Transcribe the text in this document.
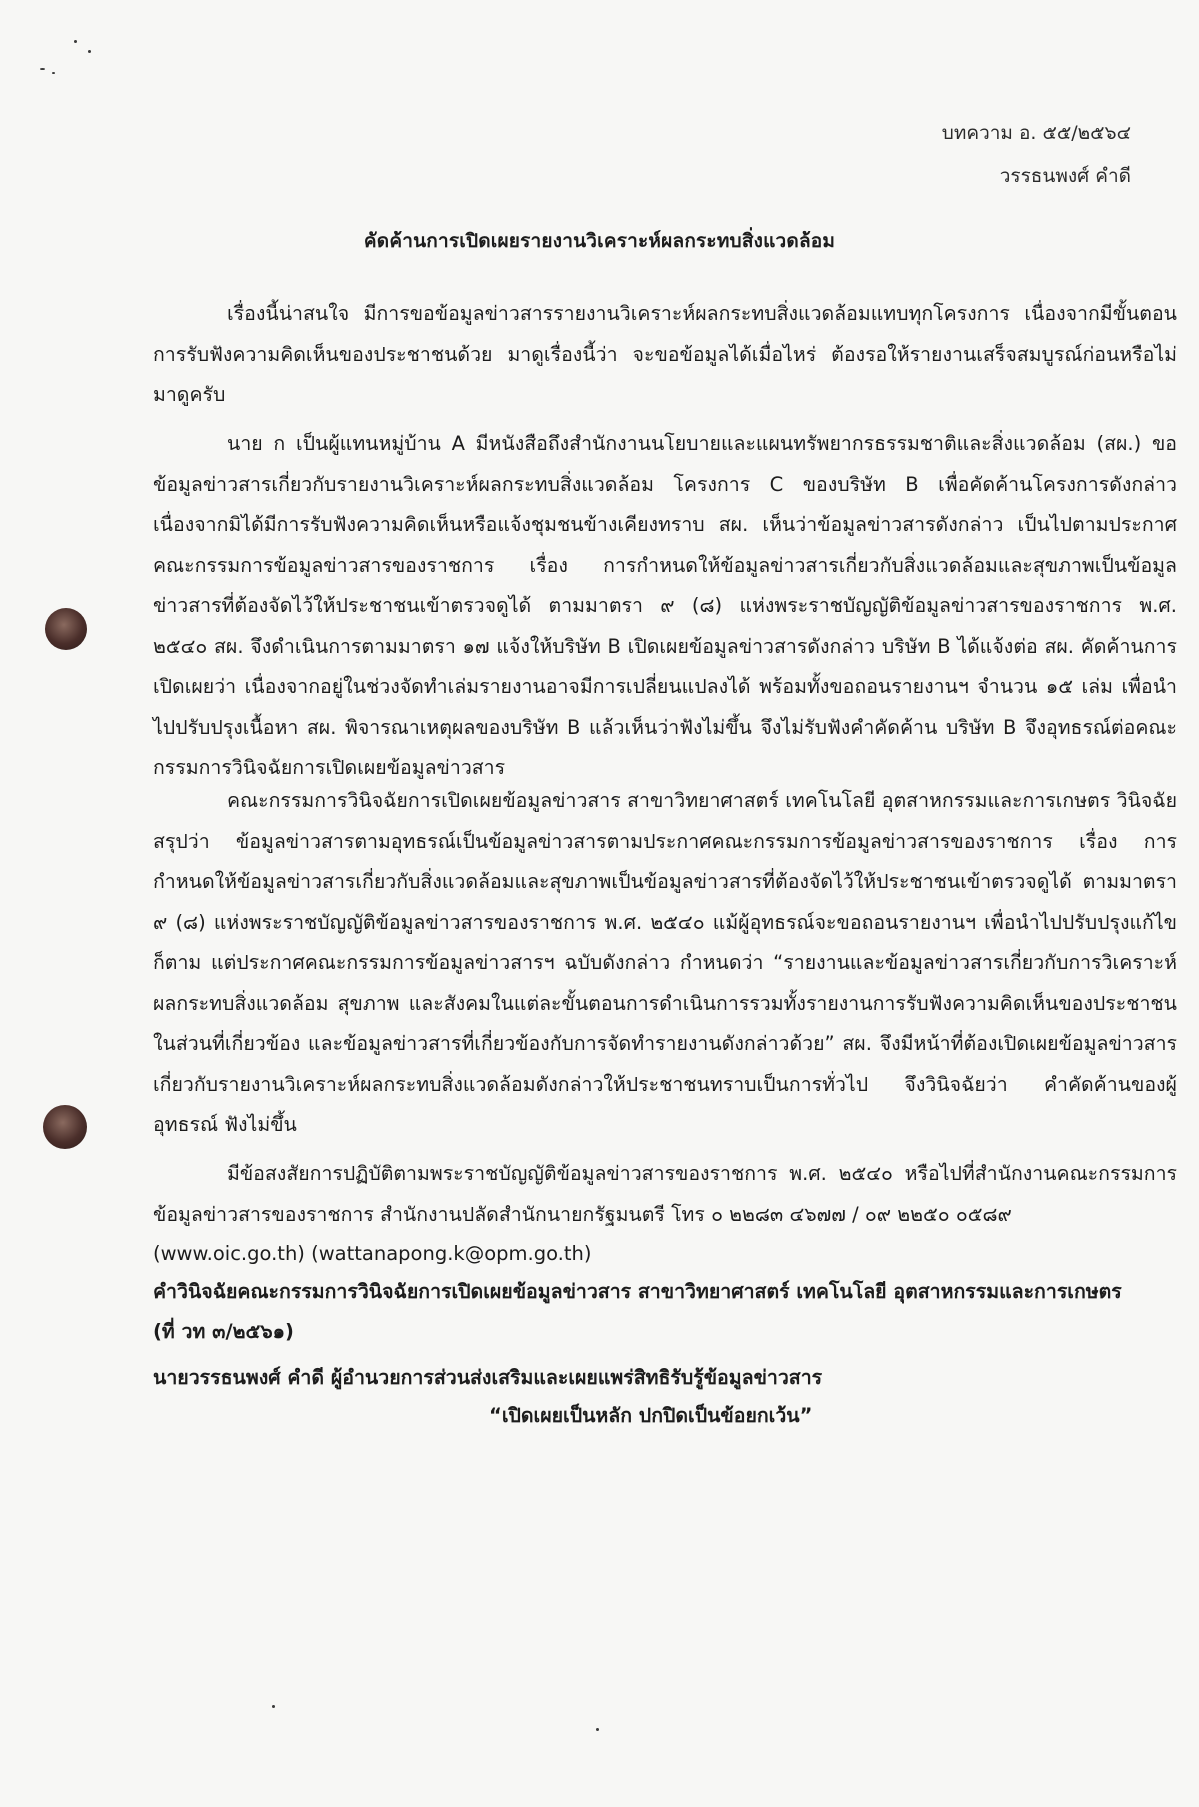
บทความ อ. ๕๕/๒๕๖๔
วรรธนพงศ์ คำดี
คัดค้านการเปิดเผยรายงานวิเคราะห์ผลกระทบสิ่งแวดล้อม

เรื่องนี้น่าสนใจ มีการขอข้อมูลข่าวสารรายงานวิเคราะห์ผลกระทบสิ่งแวดล้อมแทบทุกโครงการ เนื่องจากมีขั้นตอนการรับฟังความคิดเห็นของประชาชนด้วย มาดูเรื่องนี้ว่า จะขอข้อมูลได้เมื่อไหร่ ต้องรอให้รายงานเสร็จสมบูรณ์ก่อนหรือไม่ มาดูครับ

นาย ก เป็นผู้แทนหมู่บ้าน A มีหนังสือถึงสำนักงานนโยบายและแผนทรัพยากรธรรมชาติและสิ่งแวดล้อม (สผ.) ขอข้อมูลข่าวสารเกี่ยวกับรายงานวิเคราะห์ผลกระทบสิ่งแวดล้อม โครงการ C ของบริษัท B เพื่อคัดค้านโครงการดังกล่าว เนื่องจากมิได้มีการรับฟังความคิดเห็นหรือแจ้งชุมชนข้างเคียงทราบ สผ. เห็นว่าข้อมูลข่าวสารดังกล่าว เป็นไปตามประกาศคณะกรรมการข้อมูลข่าวสารของราชการ เรื่อง การกำหนดให้ข้อมูลข่าวสารเกี่ยวกับสิ่งแวดล้อมและสุขภาพเป็นข้อมูลข่าวสารที่ต้องจัดไว้ให้ประชาชนเข้าตรวจดูได้ ตามมาตรา ๙ (๘) แห่งพระราชบัญญัติข้อมูลข่าวสารของราชการ พ.ศ. ๒๕๔๐ สผ. จึงดำเนินการตามมาตรา ๑๗ แจ้งให้บริษัท B เปิดเผยข้อมูลข่าวสารดังกล่าว บริษัท B ได้แจ้งต่อ สผ. คัดค้านการเปิดเผยว่า เนื่องจากอยู่ในช่วงจัดทำเล่มรายงานอาจมีการเปลี่ยนแปลงได้ พร้อมทั้งขอถอนรายงานฯ จำนวน ๑๕ เล่ม เพื่อนำไปปรับปรุงเนื้อหา สผ. พิจารณาเหตุผลของบริษัท B แล้วเห็นว่าฟังไม่ขึ้น จึงไม่รับฟังคำคัดค้าน บริษัท B จึงอุทธรณ์ต่อคณะกรรมการวินิจฉัยการเปิดเผยข้อมูลข่าวสาร

คณะกรรมการวินิจฉัยการเปิดเผยข้อมูลข่าวสาร สาขาวิทยาศาสตร์ เทคโนโลยี อุตสาหกรรมและการเกษตร วินิจฉัยสรุปว่า ข้อมูลข่าวสารตามอุทธรณ์เป็นข้อมูลข่าวสารตามประกาศคณะกรรมการข้อมูลข่าวสารของราชการ เรื่อง การกำหนดให้ข้อมูลข่าวสารเกี่ยวกับสิ่งแวดล้อมและสุขภาพเป็นข้อมูลข่าวสารที่ต้องจัดไว้ให้ประชาชนเข้าตรวจดูได้ ตามมาตรา ๙ (๘) แห่งพระราชบัญญัติข้อมูลข่าวสารของราชการ พ.ศ. ๒๕๔๐ แม้ผู้อุทธรณ์จะขอถอนรายงานฯ เพื่อนำไปปรับปรุงแก้ไขก็ตาม แต่ประกาศคณะกรรมการข้อมูลข่าวสารฯ ฉบับดังกล่าว กำหนดว่า “รายงานและข้อมูลข่าวสารเกี่ยวกับการวิเคราะห์ผลกระทบสิ่งแวดล้อม สุขภาพ และสังคมในแต่ละขั้นตอนการดำเนินการรวมทั้งรายงานการรับฟังความคิดเห็นของประชาชนในส่วนที่เกี่ยวข้อง และข้อมูลข่าวสารที่เกี่ยวข้องกับการจัดทำรายงานดังกล่าวด้วย” สผ. จึงมีหน้าที่ต้องเปิดเผยข้อมูลข่าวสารเกี่ยวกับรายงานวิเคราะห์ผลกระทบสิ่งแวดล้อมดังกล่าวให้ประชาชนทราบเป็นการทั่วไป จึงวินิจฉัยว่า คำคัดค้านของผู้อุทธรณ์ ฟังไม่ขึ้น

มีข้อสงสัยการปฏิบัติตามพระราชบัญญัติข้อมูลข่าวสารของราชการ พ.ศ. ๒๕๔๐ หรือไปที่สำนักงานคณะกรรมการข้อมูลข่าวสารของราชการ สำนักงานปลัดสำนักนายกรัฐมนตรี โทร ๐ ๒๒๘๓ ๔๖๗๗ / ๐๙ ๒๒๕๐ ๐๕๘๙

(www.oic.go.th) (wattanapong.k@opm.go.th)
คำวินิจฉัยคณะกรรมการวินิจฉัยการเปิดเผยข้อมูลข่าวสาร สาขาวิทยาศาสตร์ เทคโนโลยี อุตสาหกรรมและการเกษตร
(ที่ วท ๓/๒๕๖๑)
นายวรรธนพงศ์ คำดี ผู้อำนวยการส่วนส่งเสริมและเผยแพร่สิทธิรับรู้ข้อมูลข่าวสาร
“เปิดเผยเป็นหลัก ปกปิดเป็นข้อยกเว้น”
